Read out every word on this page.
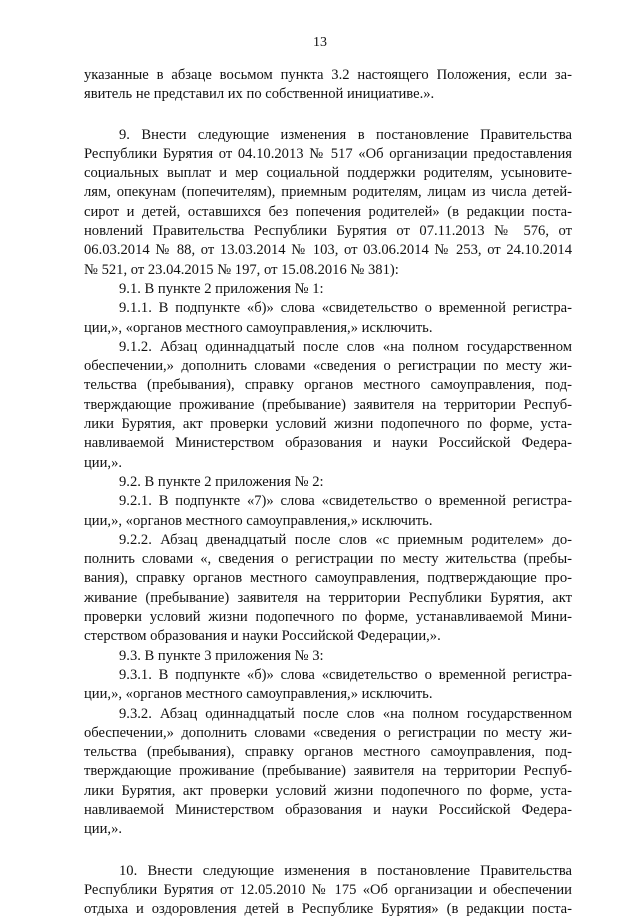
13
указанные в абзаце восьмом пункта 3.2 настоящего Положения, если за-
явитель не представил их по собственной инициативе.».
9. Внести следующие изменения в постановление Правительства
Республики Бурятия от 04.10.2013 № 517 «Об организации предоставления
социальных выплат и мер социальной поддержки родителям, усыновите-
лям, опекунам (попечителям), приемным родителям, лицам из числа детей-
сирот и детей, оставшихся без попечения родителей» (в редакции поста-
новлений Правительства Республики Бурятия от 07.11.2013 № 576, от
06.03.2014 № 88, от 13.03.2014 № 103, от 03.06.2014 № 253, от 24.10.2014
№ 521, от 23.04.2015 № 197, от 15.08.2016 № 381):
9.1. В пункте 2 приложения № 1:
9.1.1. В подпункте «б)» слова «свидетельство о временной регистра-
ции,», «органов местного самоуправления,» исключить.
9.1.2. Абзац одиннадцатый после слов «на полном государственном
обеспечении,» дополнить словами «сведения о регистрации по месту жи-
тельства (пребывания), справку органов местного самоуправления, под-
тверждающие проживание (пребывание) заявителя на территории Респуб-
лики Бурятия, акт проверки условий жизни подопечного по форме, уста-
навливаемой Министерством образования и науки Российской Федера-
ции,».
9.2. В пункте 2 приложения № 2:
9.2.1. В подпункте «7)» слова «свидетельство о временной регистра-
ции,», «органов местного самоуправления,» исключить.
9.2.2. Абзац двенадцатый после слов «с приемным родителем» до-
полнить словами «, сведения о регистрации по месту жительства (пребы-
вания), справку органов местного самоуправления, подтверждающие про-
живание (пребывание) заявителя на территории Республики Бурятия, акт
проверки условий жизни подопечного по форме, устанавливаемой Мини-
стерством образования и науки Российской Федерации,».
9.3. В пункте 3 приложения № 3:
9.3.1. В подпункте «б)» слова «свидетельство о временной регистра-
ции,», «органов местного самоуправления,» исключить.
9.3.2. Абзац одиннадцатый после слов «на полном государственном
обеспечении,» дополнить словами «сведения о регистрации по месту жи-
тельства (пребывания), справку органов местного самоуправления, под-
тверждающие проживание (пребывание) заявителя на территории Респуб-
лики Бурятия, акт проверки условий жизни подопечного по форме, уста-
навливаемой Министерством образования и науки Российской Федера-
ции,».
10. Внести следующие изменения в постановление Правительства
Республики Бурятия от 12.05.2010 № 175 «Об организации и обеспечении
отдыха и оздоровления детей в Республике Бурятия» (в редакции поста-
